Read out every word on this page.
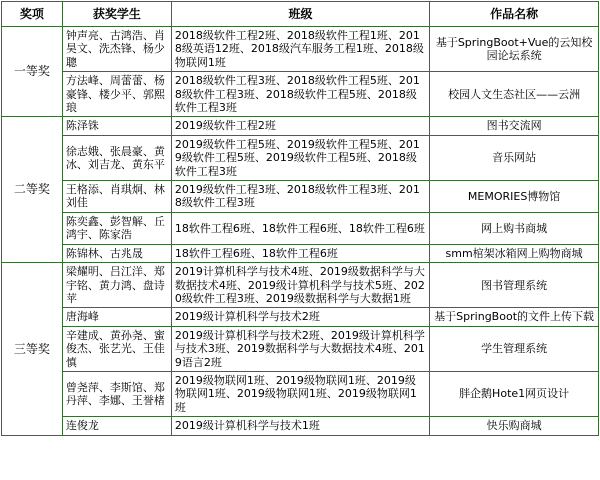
奖项	获奖学生	班级	作品名称
一等奖	钟声亮、古鸿浩、肖昊文、洗杰锋、杨少聰	2018级软件工程2班、2018级软件工程1班、2018级英语12班、2018级汽车服务工程1班、2018级物联网1班	基于SpringBoot+Vue的云知校园论坛系统
	方法峰、周蕾蕾、杨豪锋、楼少平、郭熙琅	2018级软件工程3班、2018级软件工程5班、2018级软件工程3班、2018级软件工程5班、2018级软件工程3班	校园人文生态社区——云洲
二等奖	陈泽铢	2019级软件工程2班	图书交流网
	徐志娥、张晨豪、黄冰、刘吉龙、黄东平	2019级软件工程5班、2019级软件工程5班、2019级软件工程5班、2019级软件工程5班、2018级软件工程3班	音乐网站
	王格添、肖琪炯、林刘佳	2019级软件工程3班、2018级软件工程3班、2018级软件工程3班	MEMORIES博物馆
	陈奕鑫、彭智解、丘鸿宇、陈家浩	18软件工程6班、18软件工程6班、18软件工程6班	网上购书商城
	陈锦林、古兆晟	18软件工程6班、18软件工程6班	smm棺架冰箱网上购物商城
三等奖	梁耀明、吕江洋、郑宇铭、黄力鸿、盘诗苹	2019计算机科学与技术4班、2019级数据科学与大数据技术4班、2019级计算机科学与技术5班、2020级软件工程3班、2019级数据科学与大数据1班	图书管理系统
	唐海峰	2019级计算机科学与技术2班	基于SpringBoot的文件上传下载
	辛建成、黄孙尧、蜜俊杰、张艺光、王佳慎	2019级计算机科学与技术2班、2019级计算机科学与技术3班、2019数据科学与大数据技术4班、2019语言2班	学生管理系统
	曾尧萍、李斯馆、郑丹萍、李娜、王誉楮	2019级物联网1班、2019级物联网1班、2019级物联网1班、2019级物联网1班、2019级物联网1班	胖企鹅Hote1网页设计
	连俊龙	2019级计算机科学与技术1班	快乐购商城
